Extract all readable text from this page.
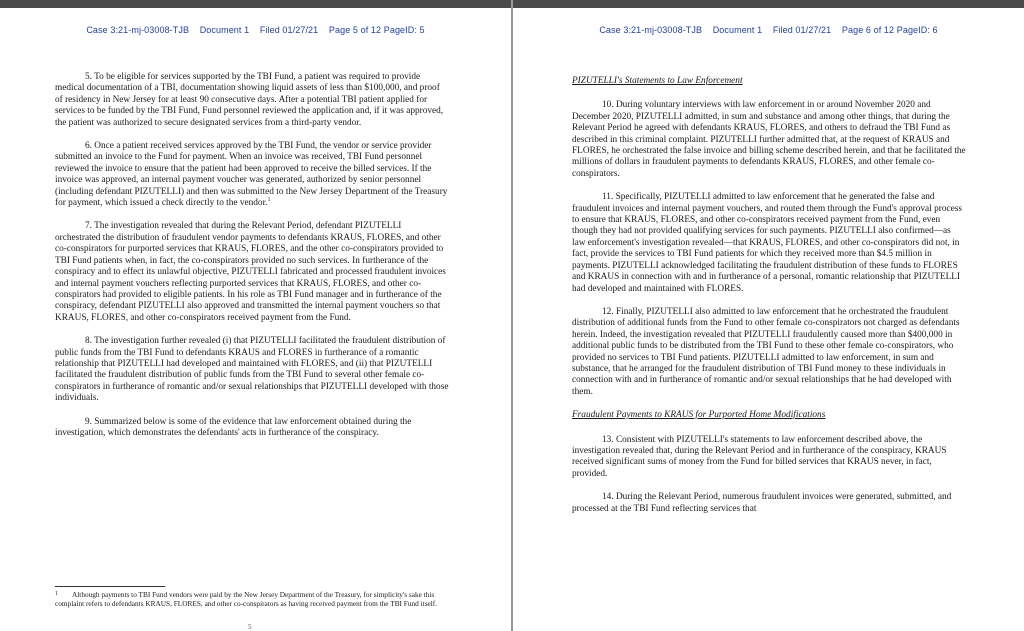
Case 3:21-mj-03008-TJB Document 1 Filed 01/27/21 Page 5 of 12 PageID: 5

5. To be eligible for services supported by the TBI Fund, a patient was required to provide medical documentation of a TBI, documentation showing liquid assets of less than $100,000, and proof of residency in New Jersey for at least 90 consecutive days. After a potential TBI patient applied for services to be funded by the TBI Fund, Fund personnel reviewed the application and, if it was approved, the patient was authorized to secure designated services from a third-party vendor.

6. Once a patient received services approved by the TBI Fund, the vendor or service provider submitted an invoice to the Fund for payment. When an invoice was received, TBI Fund personnel reviewed the invoice to ensure that the patient had been approved to receive the billed services. If the invoice was approved, an internal payment voucher was generated, authorized by senior personnel (including defendant PIZUTELLI) and then was submitted to the New Jersey Department of the Treasury for payment, which issued a check directly to the vendor.$^1$

7. The investigation revealed that during the Relevant Period, defendant PIZUTELLI orchestrated the distribution of fraudulent vendor payments to defendants KRAUS, FLORES, and other co-conspirators for purported services that KRAUS, FLORES, and the other co-conspirators provided to TBI Fund patients when, in fact, the co-conspirators provided no such services. In furtherance of the conspiracy and to effect its unlawful objective, PIZUTELLI fabricated and processed fraudulent invoices and internal payment vouchers reflecting purported services that KRAUS, FLORES, and other co-conspirators had provided to eligible patients. In his role as TBI Fund manager and in furtherance of the conspiracy, defendant PIZUTELLI also approved and transmitted the internal payment vouchers so that KRAUS, FLORES, and other co-conspirators received payment from the Fund.

8. The investigation further revealed (i) that PIZUTELLI facilitated the fraudulent distribution of public funds from the TBI Fund to defendants KRAUS and FLORES in furtherance of a romantic relationship that PIZUTELLI had developed and maintained with FLORES, and (ii) that PIZUTELLI facilitated the fraudulent distribution of public funds from the TBI Fund to several other female co-conspirators in furtherance of romantic and/or sexual relationships that PIZUTELLI developed with those individuals.

9. Summarized below is some of the evidence that law enforcement obtained during the investigation, which demonstrates the defendants' acts in furtherance of the conspiracy.

$^1$ Although payments to TBI Fund vendors were paid by the New Jersey Department of the Treasury, for simplicity's sake this complaint refers to defendants KRAUS, FLORES, and other co-conspirators as having received payment from the TBI Fund itself.
5
Case 3:21-mj-03008-TJB Document 1 Filed 01/27/21 Page 6 of 12 PageID: 6
PIZUTELLI's Statements to Law Enforcement

10. During voluntary interviews with law enforcement in or around November 2020 and December 2020, PIZUTELLI admitted, in sum and substance and among other things, that during the Relevant Period he agreed with defendants KRAUS, FLORES, and others to defraud the TBI Fund as described in this criminal complaint. PIZUTELLI further admitted that, at the request of KRAUS and FLORES, he orchestrated the false invoice and billing scheme described herein, and that he facilitated the millions of dollars in fraudulent payments to defendants KRAUS, FLORES, and other female co-conspirators.

11. Specifically, PIZUTELLI admitted to law enforcement that he generated the false and fraudulent invoices and internal payment vouchers, and routed them through the Fund's approval process to ensure that KRAUS, FLORES, and other co-conspirators received payment from the Fund, even though they had not provided qualifying services for such payments. PIZUTELLI also confirmed—as law enforcement's investigation revealed—that KRAUS, FLORES, and other co-conspirators did not, in fact, provide the services to TBI Fund patients for which they received more than $4.5 million in payments. PIZUTELLI acknowledged facilitating the fraudulent distribution of these funds to FLORES and KRAUS in connection with and in furtherance of a personal, romantic relationship that PIZUTELLI had developed and maintained with FLORES.

12. Finally, PIZUTELLI also admitted to law enforcement that he orchestrated the fraudulent distribution of additional funds from the Fund to other female co-conspirators not charged as defendants herein. Indeed, the investigation revealed that PIZUTELLI fraudulently caused more than $400,000 in additional public funds to be distributed from the TBI Fund to these other female co-conspirators, who provided no services to TBI Fund patients. PIZUTELLI admitted to law enforcement, in sum and substance, that he arranged for the fraudulent distribution of TBI Fund money to these individuals in connection with and in furtherance of romantic and/or sexual relationships that he had developed with them.

Fraudulent Payments to KRAUS for Purported Home Modifications

13. Consistent with PIZUTELLI's statements to law enforcement described above, the investigation revealed that, during the Relevant Period and in furtherance of the conspiracy, KRAUS received significant sums of money from the Fund for billed services that KRAUS never, in fact, provided.

14. During the Relevant Period, numerous fraudulent invoices were generated, submitted, and processed at the TBI Fund reflecting services that
